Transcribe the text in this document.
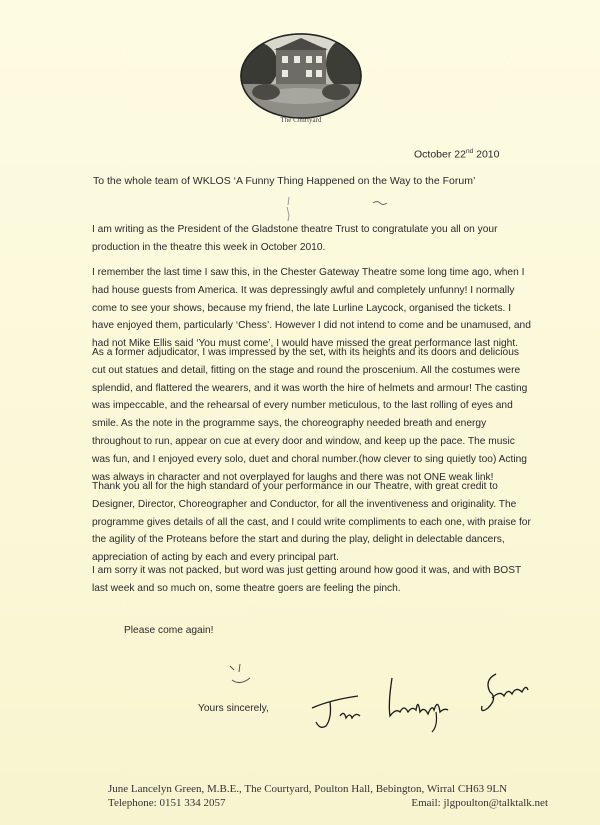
The Courtyard
October 22nd 2010
To the whole team of WKLOS ‘A Funny Thing Happened on the Way to the Forum’
I am writing as the President of the Gladstone theatre Trust to congratulate you all on your production in the theatre this week in October 2010.
I remember the last time I saw this, in the Chester Gateway Theatre some long time ago, when I had house guests from America. It was depressingly awful and completely unfunny! I normally come to see your shows, because my friend, the late Lurline Laycock, organised the tickets. I have enjoyed them, particularly ‘Chess’. However I did not intend to come and be unamused, and had not Mike Ellis said ‘You must come’, I would have missed the great performance last night.
As a former adjudicator, I was impressed by the set, with its heights and its doors and delicious cut out statues and detail, fitting on the stage and round the proscenium. All the costumes were splendid, and flattered the wearers, and it was worth the hire of helmets and armour! The casting was impeccable, and the rehearsal of every number meticulous, to the last rolling of eyes and smile. As the note in the programme says, the choreography needed breath and energy throughout to run, appear on cue at every door and window, and keep up the pace. The music was fun, and I enjoyed every solo, duet and choral number.(how clever to sing quietly too) Acting was always in character and not overplayed for laughs and there was not ONE weak link!
Thank you all for the high standard of your performance in our Theatre, with great credit to Designer, Director, Choreographer and Conductor, for all the inventiveness and originality. The programme gives details of all the cast, and I could write compliments to each one, with praise for the agility of the Proteans before the start and during the play, delight in delectable dancers, appreciation of acting by each and every principal part.
I am sorry it was not packed, but word was just getting around how good it was, and with BOST last week and so much on, some theatre goers are feeling the pinch.
Please come again!
Yours sincerely,
June Lancelyn Green, M.B.E., The Courtyard, Poulton Hall, Bebington, Wirral CH63 9LN
Telephone: 0151 334 2057	Email: jlgpoulton@talktalk.net
